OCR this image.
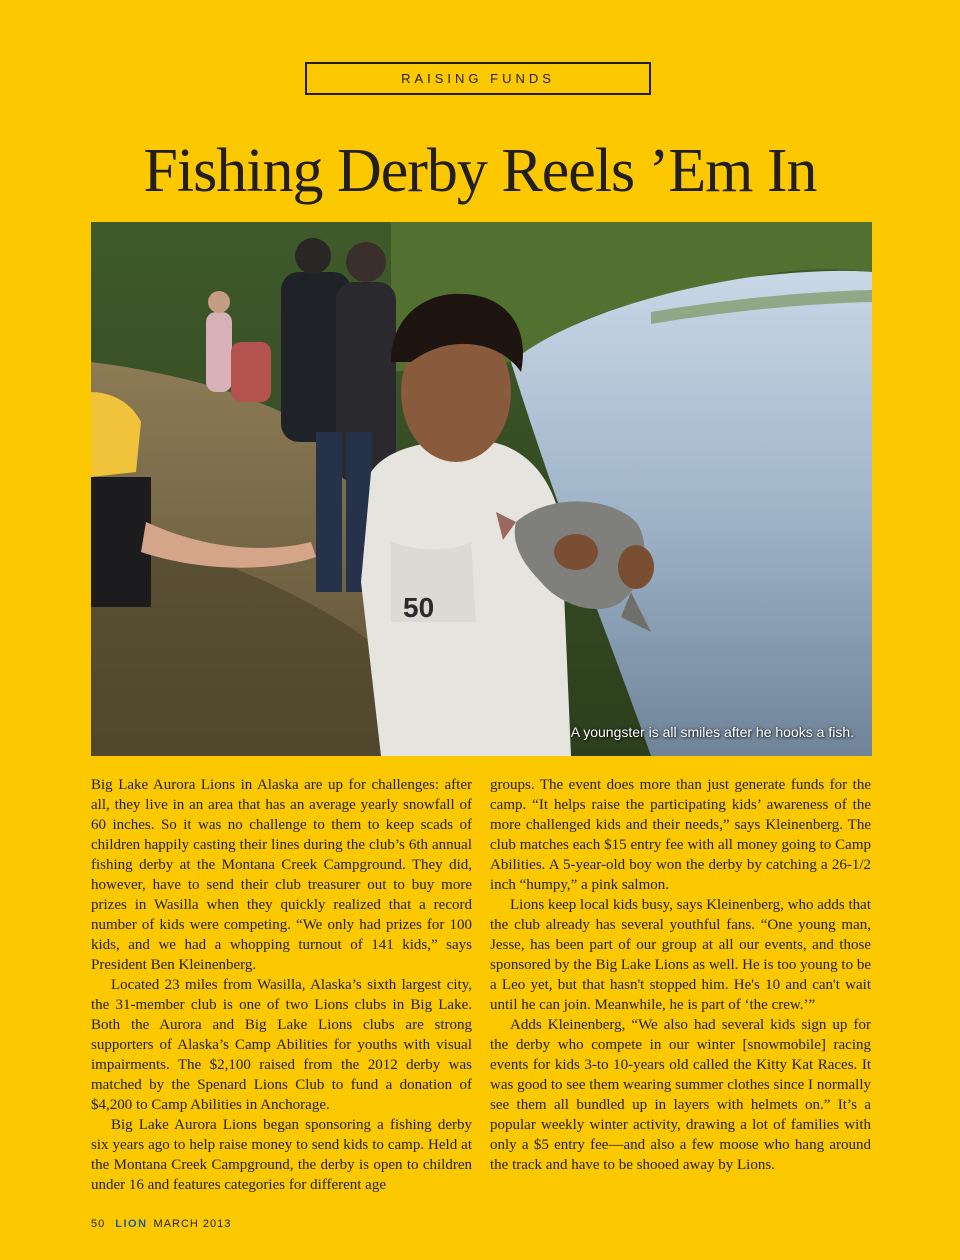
RAISING FUNDS
Fishing Derby Reels ’Em In
50
A youngster is all smiles after he hooks a fish.

Big Lake Aurora Lions in Alaska are up for challenges: after all, they live in an area that has an average yearly snowfall of 60 inches. So it was no challenge to them to keep scads of children happily casting their lines during the club’s 6th annual fishing derby at the Montana Creek Campground. They did, however, have to send their club treasurer out to buy more prizes in Wasilla when they quickly realized that a record number of kids were competing. “We only had prizes for 100 kids, and we had a whopping turnout of 141 kids,” says President Ben Kleinenberg.

Located 23 miles from Wasilla, Alaska’s sixth largest city, the 31-member club is one of two Lions clubs in Big Lake. Both the Aurora and Big Lake Lions clubs are strong supporters of Alaska’s Camp Abilities for youths with visual impairments. The $2,100 raised from the 2012 derby was matched by the Spenard Lions Club to fund a donation of $4,200 to Camp Abilities in Anchorage.

Big Lake Aurora Lions began sponsoring a fishing derby six years ago to help raise money to send kids to camp. Held at the Montana Creek Campground, the derby is open to children under 16 and features categories for different age

groups. The event does more than just generate funds for the camp. “It helps raise the participating kids’ awareness of the more challenged kids and their needs,” says Kleinenberg. The club matches each $15 entry fee with all money going to Camp Abilities. A 5-year-old boy won the derby by catching a 26-1/2 inch “humpy,” a pink salmon.

Lions keep local kids busy, says Kleinenberg, who adds that the club already has several youthful fans. “One young man, Jesse, has been part of our group at all our events, and those sponsored by the Big Lake Lions as well. He is too young to be a Leo yet, but that hasn't stopped him. He's 10 and can't wait until he can join. Meanwhile, he is part of ‘the crew.’”

Adds Kleinenberg, “We also had several kids sign up for the derby who compete in our winter [snowmobile] racing events for kids 3-to 10-years old called the Kitty Kat Races. It was good to see them wearing summer clothes since I normally see them all bundled up in layers with helmets on.” It’s a popular weekly winter activity, drawing a lot of families with only a $5 entry fee—and also a few moose who hang around the track and have to be shooed away by Lions.

50 LION MARCH 2013
